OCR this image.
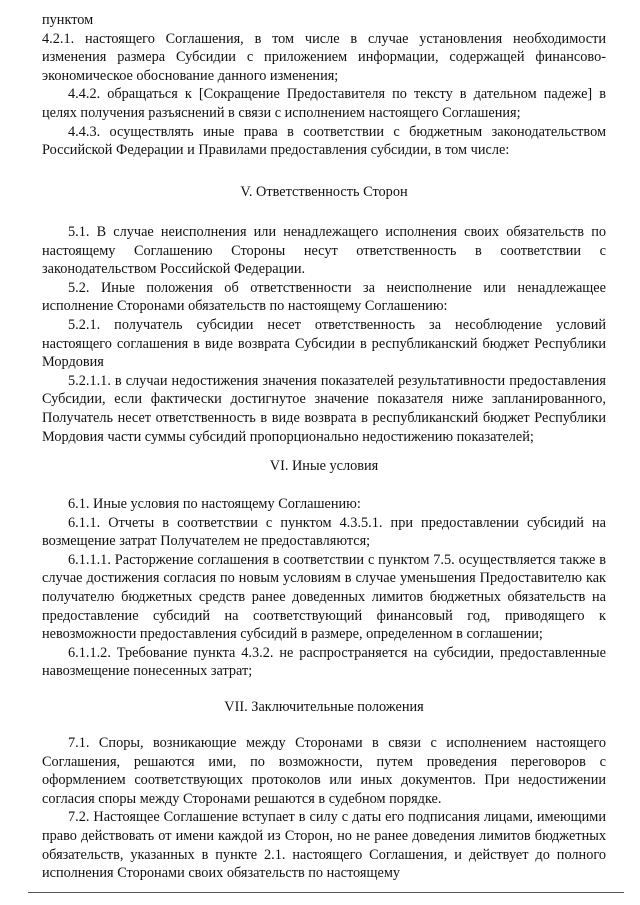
пунктом

4.2.1. настоящего Соглашения, в том числе в случае установления необходимости изменения размера Субсидии с приложением информации, содержащей финансово-экономическое обоснование данного изменения;

4.4.2. обращаться к [Сокращение Предоставителя по тексту в дательном падеже] в целях получения разъяснений в связи с исполнением настоящего Соглашения;

4.4.3. осуществлять иные права в соответствии с бюджетным законодательством Российской Федерации и Правилами предоставления субсидии, в том числе:

V. Ответственность Сторон

5.1. В случае неисполнения или ненадлежащего исполнения своих обязательств по настоящему Соглашению Стороны несут ответственность в соответствии с законодательством Российской Федерации.

5.2. Иные положения об ответственности за неисполнение или ненадлежащее исполнение Сторонами обязательств по настоящему Соглашению:

5.2.1. получатель субсидии несет ответственность за несоблюдение условий настоящего соглашения в виде возврата Субсидии в республиканский бюджет Республики Мордовия

5.2.1.1. в случаи недостижения значения показателей результативности предоставления Субсидии, если фактически достигнутое значение показателя ниже запланированного, Получатель несет ответственность в виде возврата в республиканский бюджет Республики Мордовия части суммы субсидий пропорционально недостижению показателей;

VI. Иные условия

6.1. Иные условия по настоящему Соглашению:

6.1.1. Отчеты в соответствии с пунктом 4.3.5.1. при предоставлении субсидий на возмещение затрат Получателем не предоставляются;

6.1.1.1. Расторжение соглашения в соответствии с пунктом 7.5. осуществляется также в случае достижения согласия по новым условиям в случае уменьшения Предоставителю как получателю бюджетных средств ранее доведенных лимитов бюджетных обязательств на предоставление субсидий на соответствующий финансовый год, приводящего к невозможности предоставления субсидий в размере, определенном в соглашении;

6.1.1.2. Требование пункта 4.3.2. не распространяется на субсидии, предоставленные навозмещение понесенных затрат;

VII. Заключительные положения

7.1. Споры, возникающие между Сторонами в связи с исполнением настоящего Соглашения, решаются ими, по возможности, путем проведения переговоров с оформлением соответствующих протоколов или иных документов. При недостижении согласия споры между Сторонами решаются в судебном порядке.

7.2. Настоящее Соглашение вступает в силу с даты его подписания лицами, имеющими право действовать от имени каждой из Сторон, но не ранее доведения лимитов бюджетных обязательств, указанных в пункте 2.1. настоящего Соглашения, и действует до полного исполнения Сторонами своих обязательств по настоящему
